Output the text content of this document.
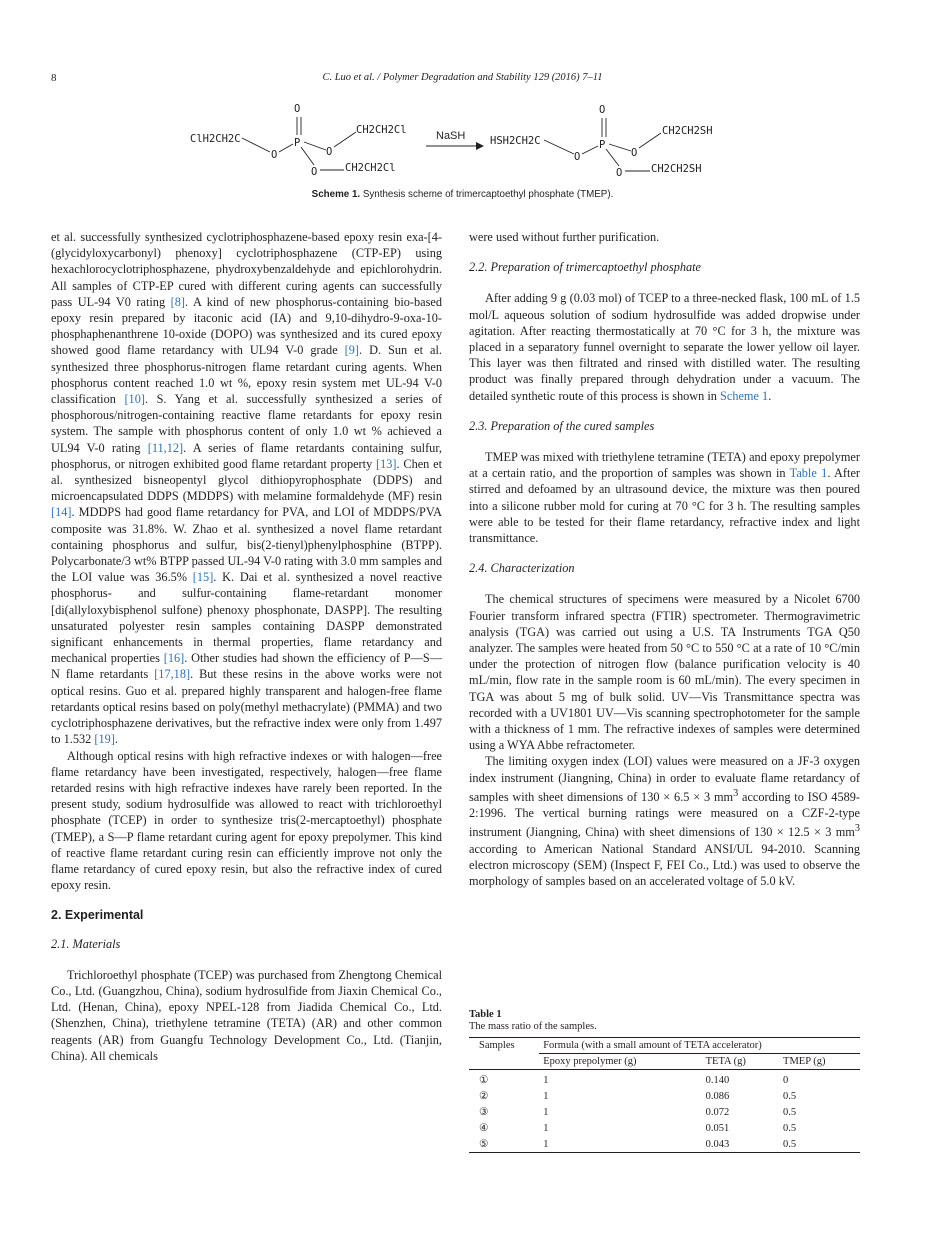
8	C. Luo et al. / Polymer Degradation and Stability 129 (2016) 7–11
ClH2CH2C
O
P
O
O
CH2CH2Cl
O	CH2CH2Cl
NaSH HSH2CH2C
O
P
O
O
CH2CH2SH
O	CH2CH2SH
Scheme 1. Synthesis scheme of trimercaptoethyl phosphate (TMEP).

et al. successfully synthesized cyclotriphosphazene-based epoxy resin exa-[4-(glycidyloxycarbonyl) phenoxy] cyclotriphosphazene (CTP-EP) using hexachlorocyclotriphosphazene, phydroxybenzaldehyde and epichlorohydrin. All samples of CTP-EP cured with different curing agents can successfully pass UL-94 V0 rating [8]. A kind of new phosphorus-containing bio-based epoxy resin prepared by itaconic acid (IA) and 9,10-dihydro-9-oxa-10-phosphaphenanthrene 10-oxide (DOPO) was synthesized and its cured epoxy showed good flame retardancy with UL94 V-0 grade [9]. D. Sun et al. synthesized three phosphorus-nitrogen flame retardant curing agents. When phosphorus content reached 1.0 wt %, epoxy resin system met UL-94 V-0 classification [10]. S. Yang et al. successfully synthesized a series of phosphorous/nitrogen-containing reactive flame retardants for epoxy resin system. The sample with phosphorus content of only 1.0 wt % achieved a UL94 V-0 rating [11,12]. A series of flame retardants containing sulfur, phosphorus, or nitrogen exhibited good flame retardant property [13]. Chen et al. synthesized bisneopentyl glycol dithiopyrophosphate (DDPS) and microencapsulated DDPS (MDDPS) with melamine formaldehyde (MF) resin [14]. MDDPS had good flame retardancy for PVA, and LOI of MDDPS/PVA composite was 31.8%. W. Zhao et al. synthesized a novel flame retardant containing phosphorus and sulfur, bis(2-tienyl)phenylphosphine (BTPP). Polycarbonate/3 wt% BTPP passed UL-94 V-0 rating with 3.0 mm samples and the LOI value was 36.5% [15]. K. Dai et al. synthesized a novel reactive phosphorus- and sulfur-containing flame-retardant monomer [di(allyloxybisphenol sulfone) phenoxy phosphonate, DASPP]. The resulting unsaturated polyester resin samples containing DASPP demonstrated significant enhancements in thermal properties, flame retardancy and mechanical properties [16]. Other studies had shown the efficiency of P—S—N flame retardants [17,18]. But these resins in the above works were not optical resins. Guo et al. prepared highly transparent and halogen-free flame retardants optical resins based on poly(methyl methacrylate) (PMMA) and two cyclotriphosphazene derivatives, but the refractive index were only from 1.497 to 1.532 [19].

Although optical resins with high refractive indexes or with halogen—free flame retardancy have been investigated, respectively, halogen—free flame retarded resins with high refractive indexes have rarely been reported. In the present study, sodium hydrosulfide was allowed to react with trichloroethyl phosphate (TCEP) in order to synthesize tris(2-mercaptoethyl) phosphate (TMEP), a S—P flame retardant curing agent for epoxy prepolymer. This kind of reactive flame retardant curing resin can efficiently improve not only the flame retardancy of cured epoxy resin, but also the refractive index of cured epoxy resin.

2. Experimental
2.1. Materials

Trichloroethyl phosphate (TCEP) was purchased from Zhengtong Chemical Co., Ltd. (Guangzhou, China), sodium hydrosulfide from Jiaxin Chemical Co., Ltd. (Henan, China), epoxy NPEL-128 from Jiadida Chemical Co., Ltd. (Shenzhen, China), triethylene tetramine (TETA) (AR) and other common reagents (AR) from Guangfu Technology Development Co., Ltd. (Tianjin, China). All chemicals

were used without further purification.

2.2. Preparation of trimercaptoethyl phosphate

After adding 9 g (0.03 mol) of TCEP to a three-necked flask, 100 mL of 1.5 mol/L aqueous solution of sodium hydrosulfide was added dropwise under agitation. After reacting thermostatically at 70 °C for 3 h, the mixture was placed in a separatory funnel overnight to separate the lower yellow oil layer. This layer was then filtrated and rinsed with distilled water. The resulting product was finally prepared through dehydration under a vacuum. The detailed synthetic route of this process is shown in Scheme 1.

2.3. Preparation of the cured samples

TMEP was mixed with triethylene tetramine (TETA) and epoxy prepolymer at a certain ratio, and the proportion of samples was shown in Table 1. After stirred and defoamed by an ultrasound device, the mixture was then poured into a silicone rubber mold for curing at 70 °C for 3 h. The resulting samples were able to be tested for their flame retardancy, refractive index and light transmittance.

2.4. Characterization

The chemical structures of specimens were measured by a Nicolet 6700 Fourier transform infrared spectra (FTIR) spectrometer. Thermogravimetric analysis (TGA) was carried out using a U.S. TA Instruments TGA Q50 analyzer. The samples were heated from 50 °C to 550 °C at a rate of 10 °C/min under the protection of nitrogen flow (balance purification velocity is 40 mL/min, flow rate in the sample room is 60 mL/min). The every specimen in TGA was about 5 mg of bulk solid. UV—Vis Transmittance spectra was recorded with a UV1801 UV—Vis scanning spectrophotometer for the sample with a thickness of 1 mm. The refractive indexes of samples were determined using a WYA Abbe refractometer.

The limiting oxygen index (LOI) values were measured on a JF-3 oxygen index instrument (Jiangning, China) in order to evaluate flame retardancy of samples with sheet dimensions of 130 × 6.5 × 3 $mm^3$ according to ISO 4589-2:1996. The vertical burning ratings were measured on a CZF-2-type instrument (Jiangning, China) with sheet dimensions of 130 × 12.5 × 3 $mm^3$ according to American National Standard ANSI/UL 94-2010. Scanning electron microscopy (SEM) (Inspect F, FEI Co., Ltd.) was used to observe the morphology of samples based on an accelerated voltage of 5.0 kV.

Table 1
The mass ratio of the samples.
Samples	Formula (with a small amount of TETA accelerator)		
	Epoxy prepolymer (g)	TETA (g)	TMEP (g)

①	1	0.140	0
②	1	0.086	0.5
③	1	0.072	0.5
④	1	0.051	0.5
⑤	1	0.043	0.5
